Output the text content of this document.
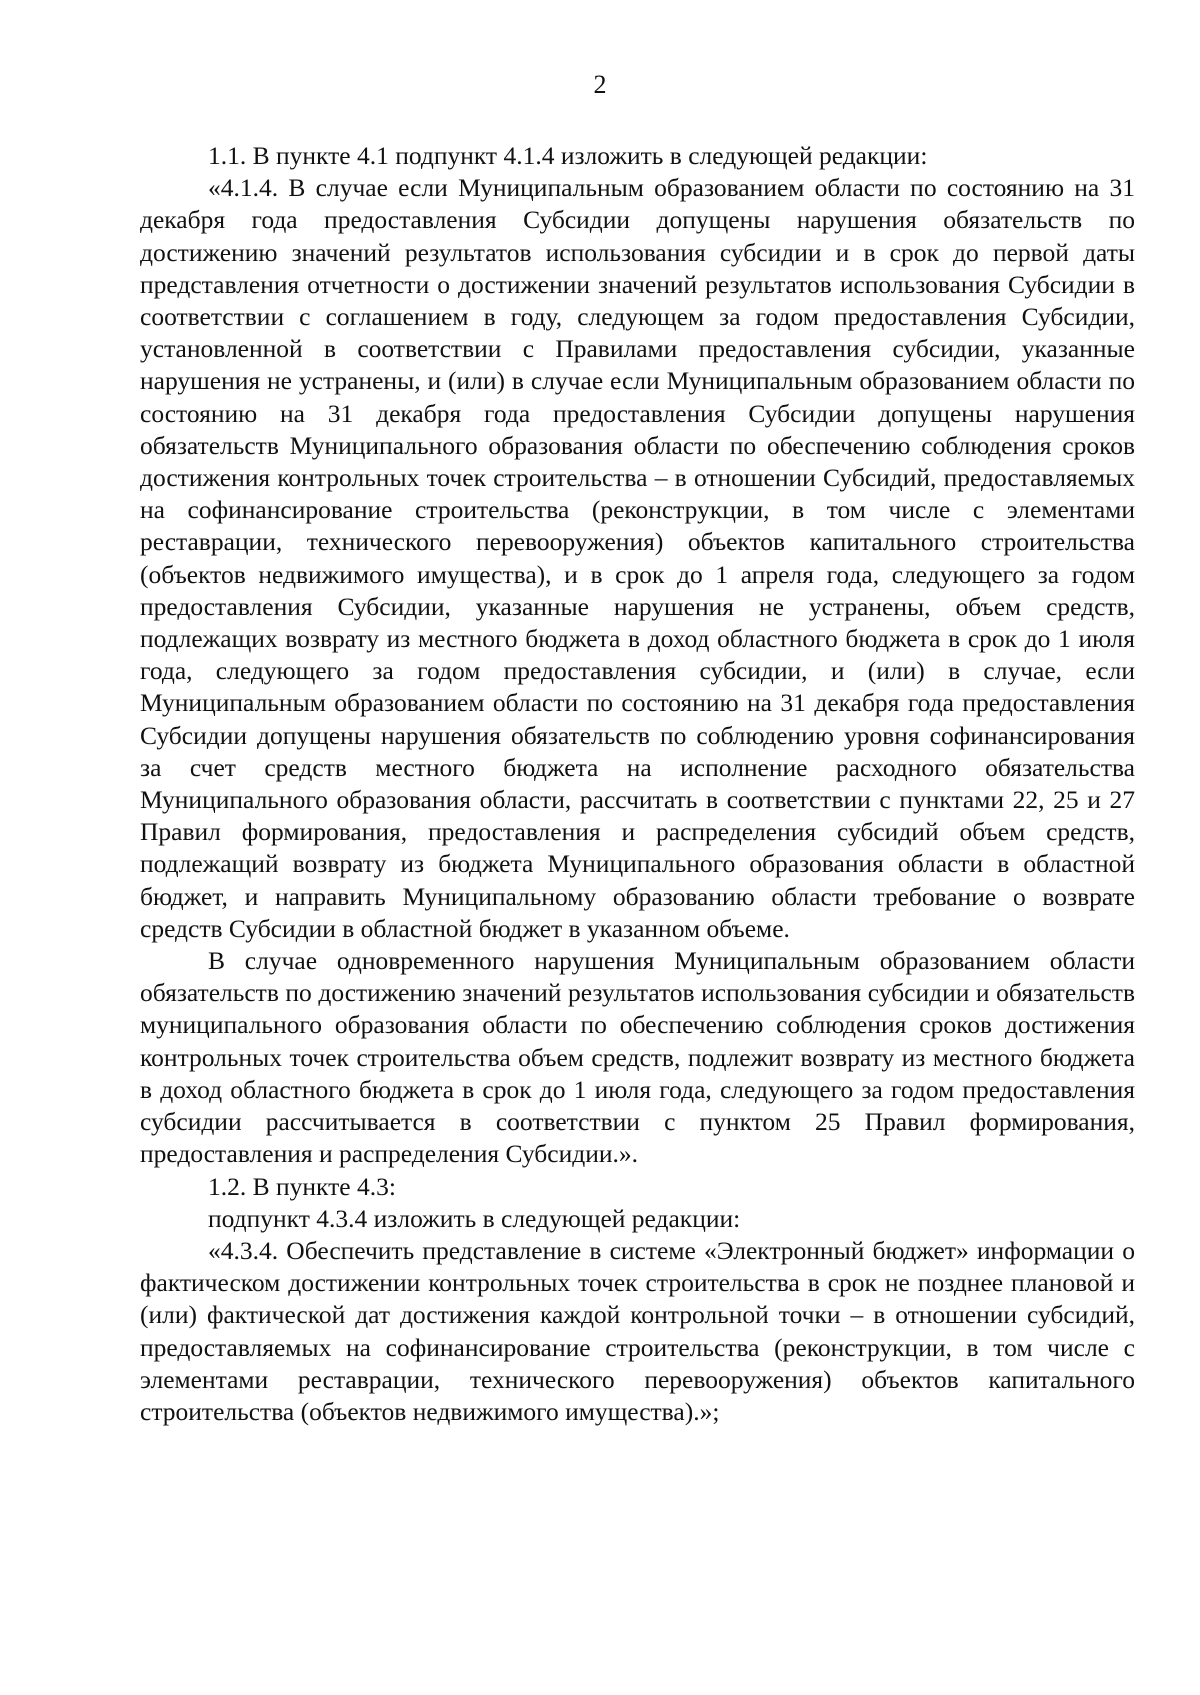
2

1.1. В пункте 4.1 подпункт 4.1.4 изложить в следующей редакции:

«4.1.4. В случае если Муниципальным образованием области по состоянию на 31 декабря года предоставления Субсидии допущены нарушения обязательств по достижению значений результатов использования субсидии и в срок до первой даты представления отчетности о достижении значений результатов использования Субсидии в соответствии с соглашением в году, следующем за годом предоставления Субсидии, установленной в соответствии с Правилами предоставления субсидии, указанные нарушения не устранены, и (или) в случае если Муниципальным образованием области по состоянию на 31 декабря года предоставления Субсидии допущены нарушения обязательств Муниципального образования области по обеспечению соблюдения сроков достижения контрольных точек строительства – в отношении Субсидий, предоставляемых на софинансирование строительства (реконструкции, в том числе с элементами реставрации, технического перевооружения) объектов капитального строительства (объектов недвижимого имущества), и в срок до 1 апреля года, следующего за годом предоставления Субсидии, указанные нарушения не устранены, объем средств, подлежащих возврату из местного бюджета в доход областного бюджета в срок до 1 июля года, следующего за годом предоставления субсидии, и (или) в случае, если Муниципальным образованием области по состоянию на 31 декабря года предоставления Субсидии допущены нарушения обязательств по соблюдению уровня софинансирования за счет средств местного бюджета на исполнение расходного обязательства Муниципального образования области, рассчитать в соответствии с пунктами 22, 25 и 27 Правил формирования, предоставления и распределения субсидий объем средств, подлежащий возврату из бюджета Муниципального образования области в областной бюджет, и направить Муниципальному образованию области требование о возврате средств Субсидии в областной бюджет в указанном объеме.

В случае одновременного нарушения Муниципальным образованием области обязательств по достижению значений результатов использования субсидии и обязательств муниципального образования области по обеспечению соблюдения сроков достижения контрольных точек строительства объем средств, подлежит возврату из местного бюджета в доход областного бюджета в срок до 1 июля года, следующего за годом предоставления субсидии рассчитывается в соответствии с пунктом 25 Правил формирования, предоставления и распределения Субсидии.».

1.2. В пункте 4.3:

подпункт 4.3.4 изложить в следующей редакции:

«4.3.4. Обеспечить представление в системе «Электронный бюджет» информации о фактическом достижении контрольных точек строительства в срок не позднее плановой и (или) фактической дат достижения каждой контрольной точки – в отношении субсидий, предоставляемых на софинансирование строительства (реконструкции, в том числе с элементами реставрации, технического перевооружения) объектов капитального строительства (объектов недвижимого имущества).»;
